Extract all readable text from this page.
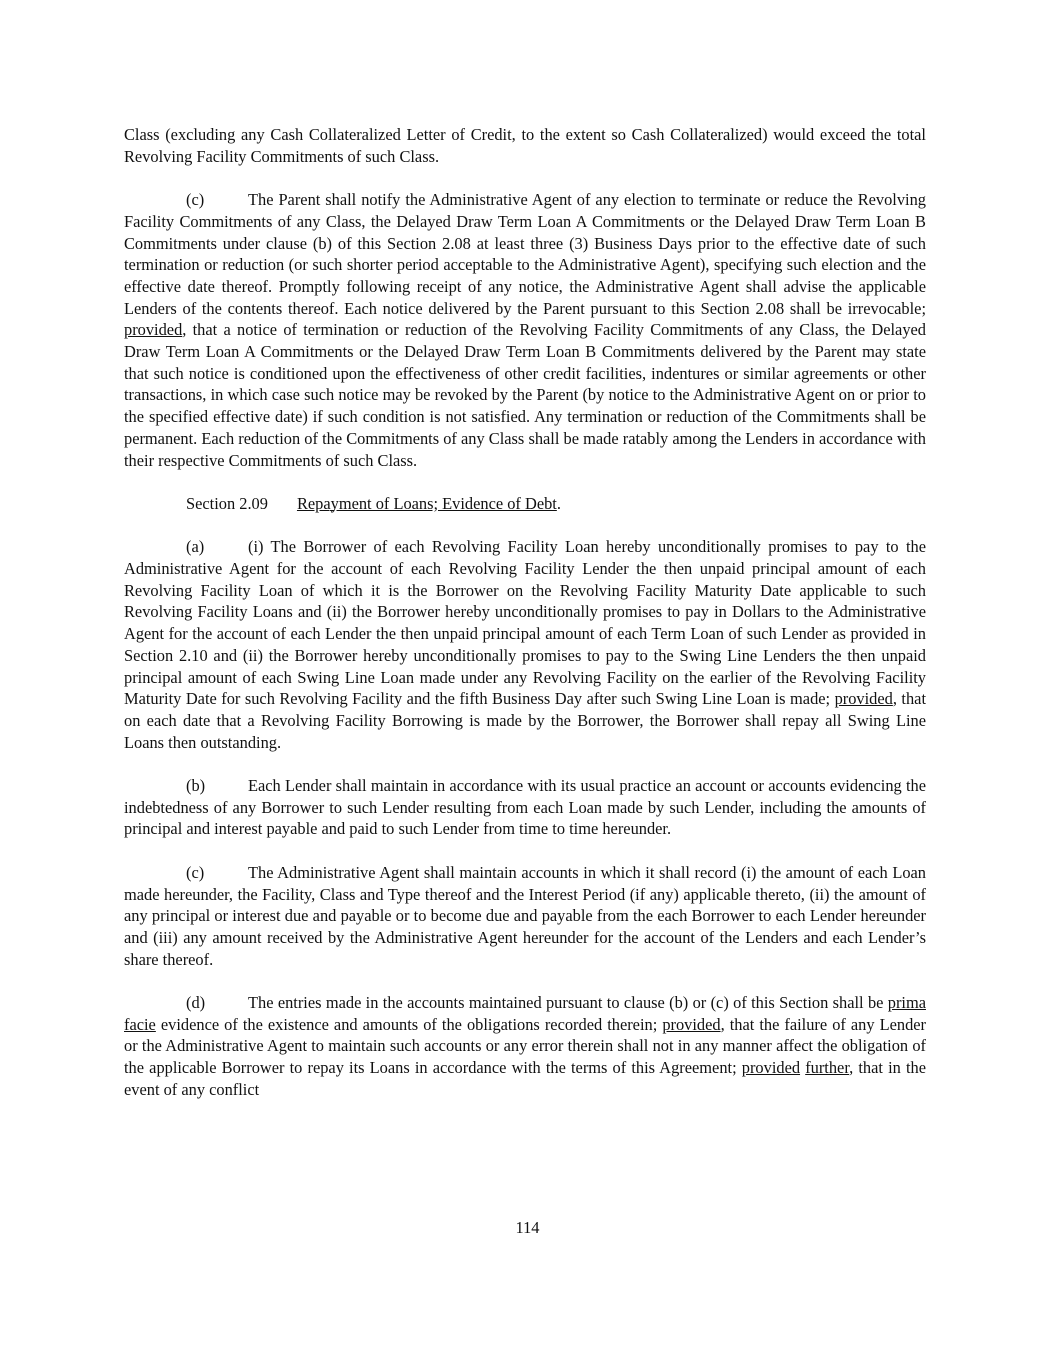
Class (excluding any Cash Collateralized Letter of Credit, to the extent so Cash Collateralized) would exceed the total Revolving Facility Commitments of such Class.

(c)	The Parent shall notify the Administrative Agent of any election to terminate or reduce the Revolving Facility Commitments of any Class, the Delayed Draw Term Loan A Commitments or the Delayed Draw Term Loan B Commitments under clause (b) of this Section 2.08 at least three (3) Business Days prior to the effective date of such termination or reduction (or such shorter period acceptable to the Administrative Agent), specifying such election and the effective date thereof. Promptly following receipt of any notice, the Administrative Agent shall advise the applicable Lenders of the contents thereof. Each notice delivered by the Parent pursuant to this Section 2.08 shall be irrevocable; provided, that a notice of termination or reduction of the Revolving Facility Commitments of any Class, the Delayed Draw Term Loan A Commitments or the Delayed Draw Term Loan B Commitments delivered by the Parent may state that such notice is conditioned upon the effectiveness of other credit facilities, indentures or similar agreements or other transactions, in which case such notice may be revoked by the Parent (by notice to the Administrative Agent on or prior to the specified effective date) if such condition is not satisfied. Any termination or reduction of the Commitments shall be permanent. Each reduction of the Commitments of any Class shall be made ratably among the Lenders in accordance with their respective Commitments of such Class.

Section 2.09 Repayment of Loans; Evidence of Debt.

(a)	(i) The Borrower of each Revolving Facility Loan hereby unconditionally promises to pay to the Administrative Agent for the account of each Revolving Facility Lender the then unpaid principal amount of each Revolving Facility Loan of which it is the Borrower on the Revolving Facility Maturity Date applicable to such Revolving Facility Loans and (ii) the Borrower hereby unconditionally promises to pay in Dollars to the Administrative Agent for the account of each Lender the then unpaid principal amount of each Term Loan of such Lender as provided in Section 2.10 and (ii) the Borrower hereby unconditionally promises to pay to the Swing Line Lenders the then unpaid principal amount of each Swing Line Loan made under any Revolving Facility on the earlier of the Revolving Facility Maturity Date for such Revolving Facility and the fifth Business Day after such Swing Line Loan is made; provided, that on each date that a Revolving Facility Borrowing is made by the Borrower, the Borrower shall repay all Swing Line Loans then outstanding.

(b)	Each Lender shall maintain in accordance with its usual practice an account or accounts evidencing the indebtedness of any Borrower to such Lender resulting from each Loan made by such Lender, including the amounts of principal and interest payable and paid to such Lender from time to time hereunder.

(c)	The Administrative Agent shall maintain accounts in which it shall record (i) the amount of each Loan made hereunder, the Facility, Class and Type thereof and the Interest Period (if any) applicable thereto, (ii) the amount of any principal or interest due and payable or to become due and payable from the each Borrower to each Lender hereunder and (iii) any amount received by the Administrative Agent hereunder for the account of the Lenders and each Lender’s share thereof.

(d)	The entries made in the accounts maintained pursuant to clause (b) or (c) of this Section shall be prima facie evidence of the existence and amounts of the obligations recorded therein; provided, that the failure of any Lender or the Administrative Agent to maintain such accounts or any error therein shall not in any manner affect the obligation of the applicable Borrower to repay its Loans in accordance with the terms of this Agreement; provided further, that in the event of any conflict

114
